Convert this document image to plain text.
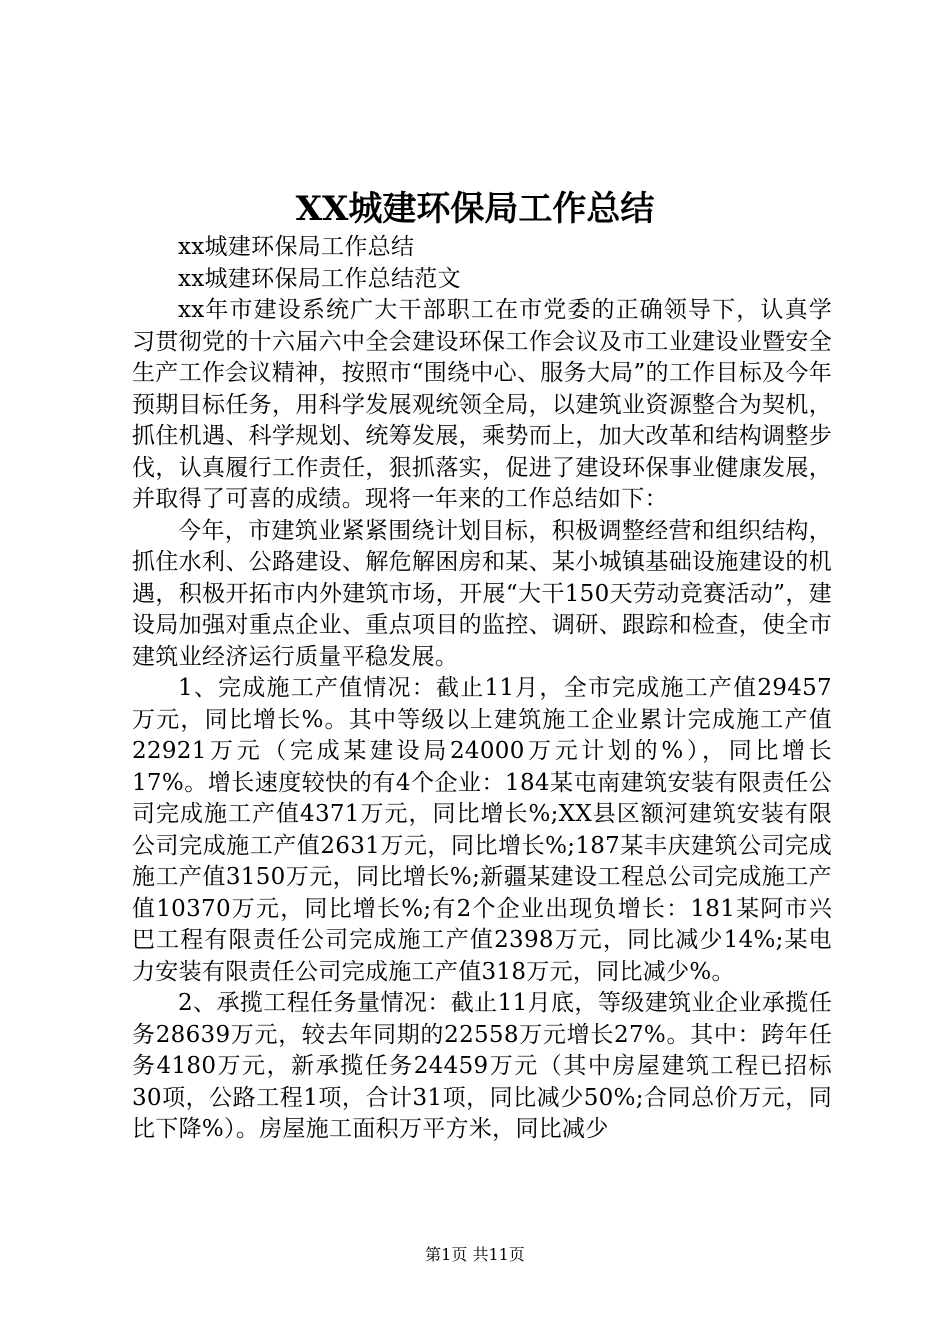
XX城建环保局工作总结

xx城建环保局工作总结

xx城建环保局工作总结范文

xx年市建设系统广大干部职工在市党委的正确领导下，认真学习贯彻党的十六届六中全会建设环保工作会议及市工业建设业暨安全生产工作会议精神，按照市“围绕中心、服务大局”的工作目标及今年预期目标任务，用科学发展观统领全局，以建筑业资源整合为契机，抓住机遇、科学规划、统筹发展，乘势而上，加大改革和结构调整步伐，认真履行工作责任，狠抓落实，促进了建设环保事业健康发展，并取得了可喜的成绩。现将一年来的工作总结如下：

今年，市建筑业紧紧围绕计划目标，积极调整经营和组织结构，抓住水利、公路建设、解危解困房和某、某小城镇基础设施建设的机遇，积极开拓市内外建筑市场，开展“大干150天劳动竞赛活动”，建设局加强对重点企业、重点项目的监控、调研、跟踪和检查，使全市建筑业经济运行质量平稳发展。

1、完成施工产值情况：截止11月，全市完成施工产值29457万元，同比增长%。其中等级以上建筑施工企业累计完成施工产值22921万元（完成某建设局24000万元计划的%），同比增长17%。增长速度较快的有4个企业：184某屯南建筑安装有限责任公司完成施工产值4371万元，同比增长%;XX县区额河建筑安装有限公司完成施工产值2631万元，同比增长%;187某丰庆建筑公司完成施工产值3150万元，同比增长%;新疆某建设工程总公司完成施工产值10370万元，同比增长%;有2个企业出现负增长：181某阿市兴巴工程有限责任公司完成施工产值2398万元，同比减少14%;某电力安装有限责任公司完成施工产值318万元，同比减少%。

2、承揽工程任务量情况：截止11月底，等级建筑业企业承揽任务28639万元，较去年同期的22558万元增长27%。其中：跨年任务4180万元，新承揽任务24459万元（其中房屋建筑工程已招标30项，公路工程1项，合计31项，同比减少50%;合同总价万元，同比下降%）。房屋施工面积万平方米，同比减少

第1页 共11页
